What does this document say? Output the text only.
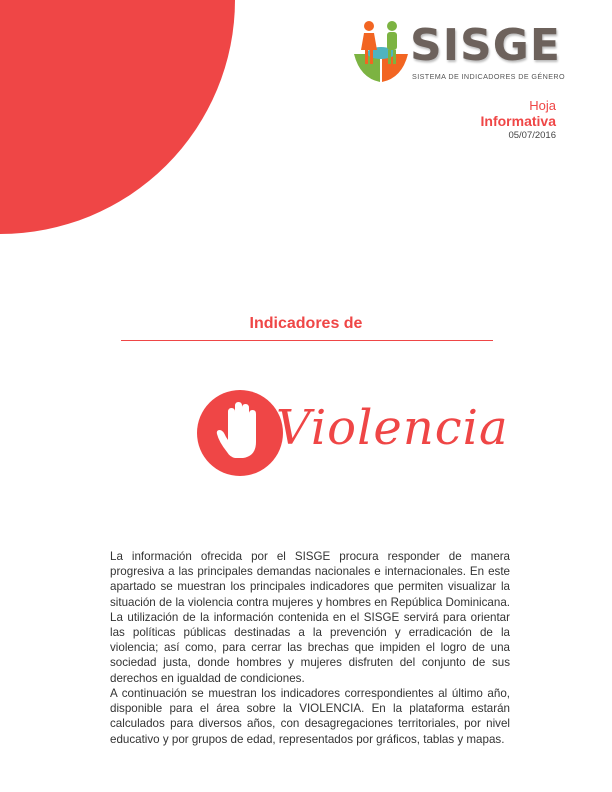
SISGE
SISTEMA DE INDICADORES DE GÉNERO
Hoja
Informativa
05/07/2016
Indicadores de
Violencia
La información ofrecida por el SISGE procura responder de manera progresiva a las principales demandas nacionales e internacionales. En este apartado se muestran los principales indicadores que permiten visualizar la situación de la violencia contra mujeres y hombres en República Dominicana. La utilización de la información contenida en el SISGE servirá para orientar las políticas públicas destinadas a la prevención y erradicación de la violencia; así como, para cerrar las brechas que impiden el logro de una sociedad justa, donde hombres y mujeres disfruten del conjunto de sus derechos en igualdad de condiciones.
A continuación se muestran los indicadores correspondientes al último año, disponible para el área sobre la VIOLENCIA. En la plataforma estarán calculados para diversos años, con desagregaciones territoriales, por nivel educativo y por grupos de edad, representados por gráficos, tablas y mapas.
